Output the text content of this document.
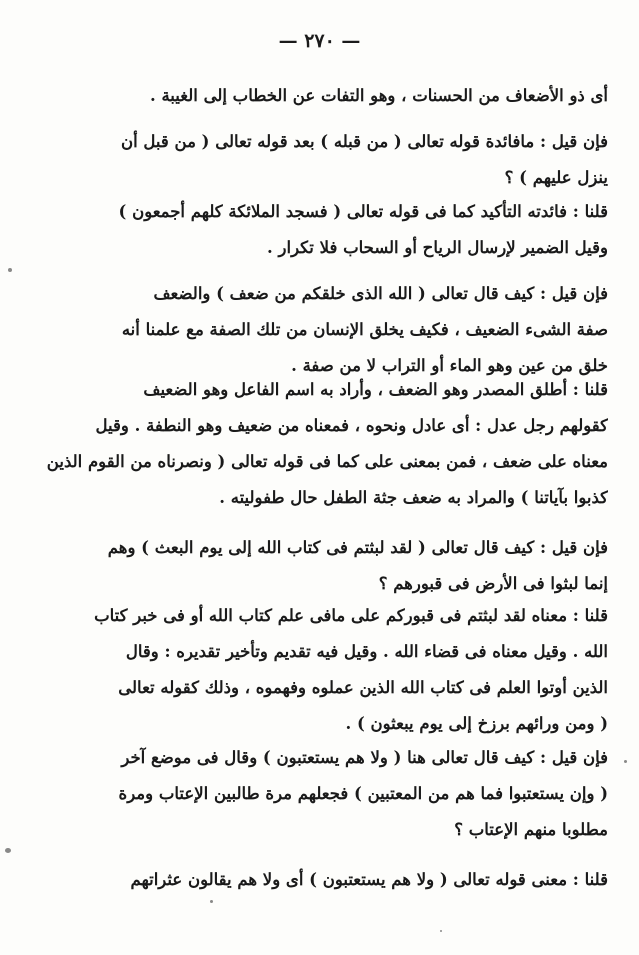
— ٢٧٠ —
أى ذو الأضعاف من الحسنات ، وهو التفات عن الخطاب إلى الغيبة .
فإن قيل : مافائدة قوله تعالى ( من قبله ) بعد قوله تعالى ( من قبل أن
ينزل عليهم ) ؟
قلنا : فائدته التأكيد كما فى قوله تعالى ( فسجد الملائكة كلهم أجمعون )
وقيل الضمير لإرسال الرياح أو السحاب فلا تكرار .
فإن قيل : كيف قال تعالى ( الله الذى خلقكم من ضعف ) والضعف
صفة الشىء الضعيف ، فكيف يخلق الإنسان من تلك الصفة مع علمنا أنه
خلق من عين وهو الماء أو التراب لا من صفة .
قلنا : أطلق المصدر وهو الضعف ، وأراد به اسم الفاعل وهو الضعيف
كقولهم رجل عدل : أى عادل ونحوه ، فمعناه من ضعيف وهو النطفة . وقيل
معناه على ضعف ، فمن بمعنى على كما فى قوله تعالى ( ونصرناه من القوم الذين
كذبوا بآياتنا ) والمراد به ضعف جثة الطفل حال طفوليته .
فإن قيل : كيف قال تعالى ( لقد لبثتم فى كتاب الله إلى يوم البعث ) وهم
إنما لبثوا فى الأرض فى قبورهم ؟
قلنا : معناه لقد لبثتم فى قبوركم على مافى علم كتاب الله أو فى خبر كتاب
الله . وقيل معناه فى قضاء الله . وقيل فيه تقديم وتأخير تقديره : وقال
الذين أوتوا العلم فى كتاب الله الذين عملوه وفهموه ، وذلك كقوله تعالى
( ومن ورائهم برزخ إلى يوم يبعثون ) .
فإن قيل : كيف قال تعالى هنا ( ولا هم يستعتبون ) وقال فى موضع آخر
( وإن يستعتبوا فما هم من المعتبين ) فجعلهم مرة طالبين الإعتاب ومرة
مطلوبا منهم الإعتاب ؟
قلنا : معنى قوله تعالى ( ولا هم يستعتبون ) أى ولا هم يقالون عثراتهم
